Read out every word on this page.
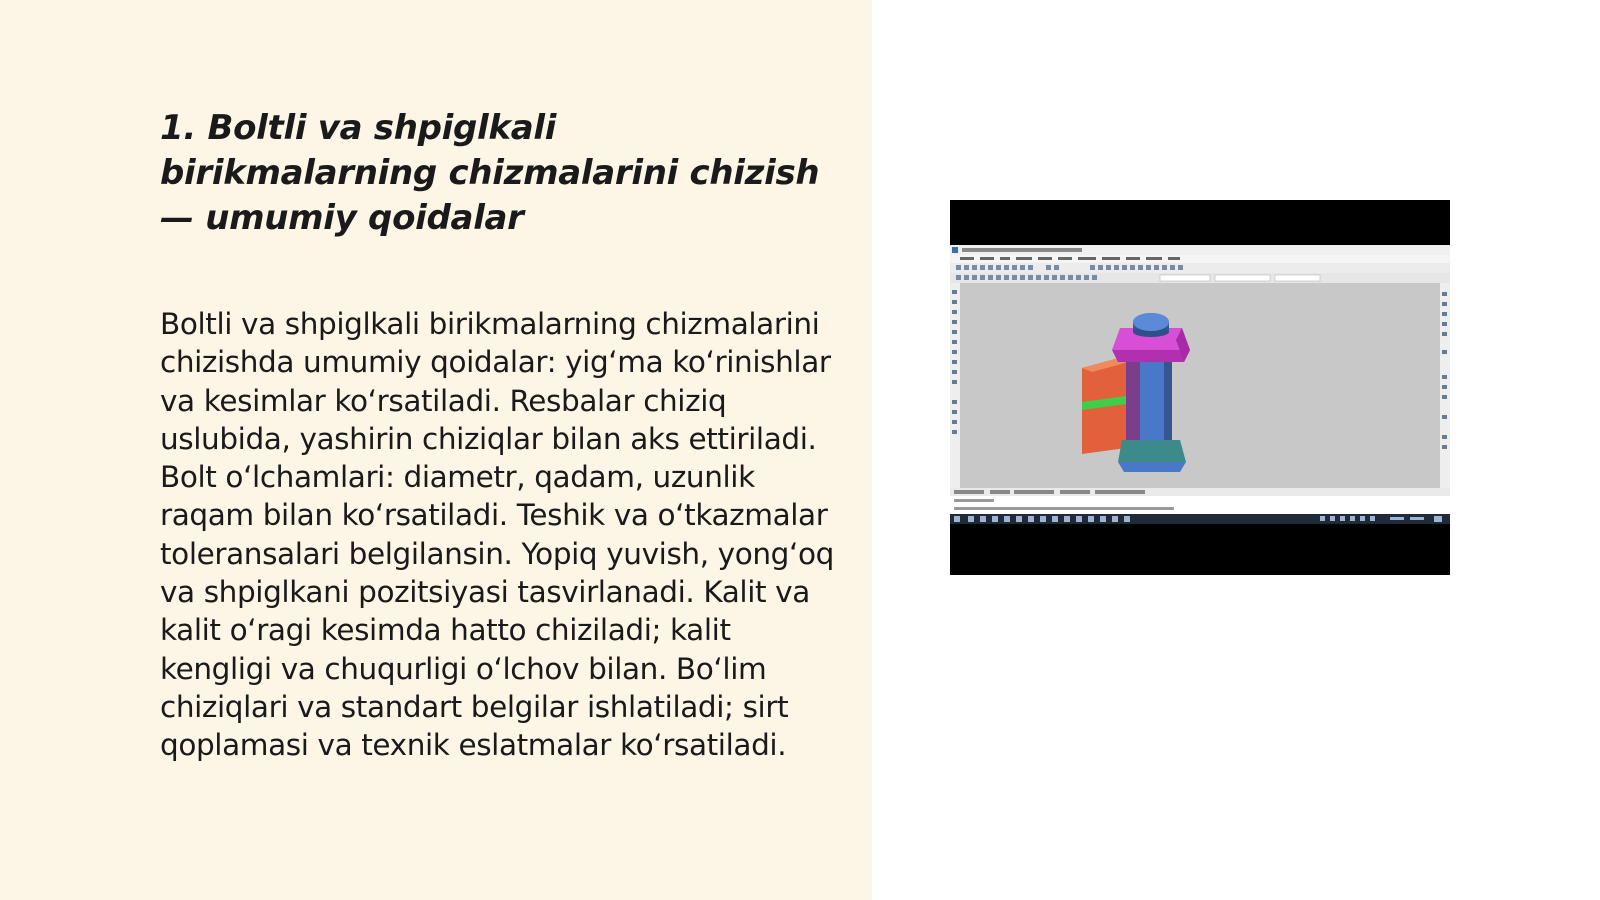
1. Boltli va shpiglkali birikmalarning chizmalarini chizish — umumiy qoidalar

Boltli va shpiglkali birikmalarning chizmalarini chizishda umumiy qoidalar: yig‘ma ko‘rinishlar va kesimlar ko‘rsatiladi. Resbalar chiziq uslubida, yashirin chiziqlar bilan aks ettiriladi. Bolt o‘lchamlari: diametr, qadam, uzunlik raqam bilan ko‘rsatiladi. Teshik va o‘tkazmalar toleransalari belgilansin. Yopiq yuvish, yong‘oq va shpiglkani pozitsiyasi tasvirlanadi. Kalit va kalit o‘ragi kesimda hatto chiziladi; kalit kengligi va chuqurligi o‘lchov bilan. Bo‘lim chiziqlari va standart belgilar ishlatiladi; sirt qoplamasi va texnik eslatmalar ko‘rsatiladi.
